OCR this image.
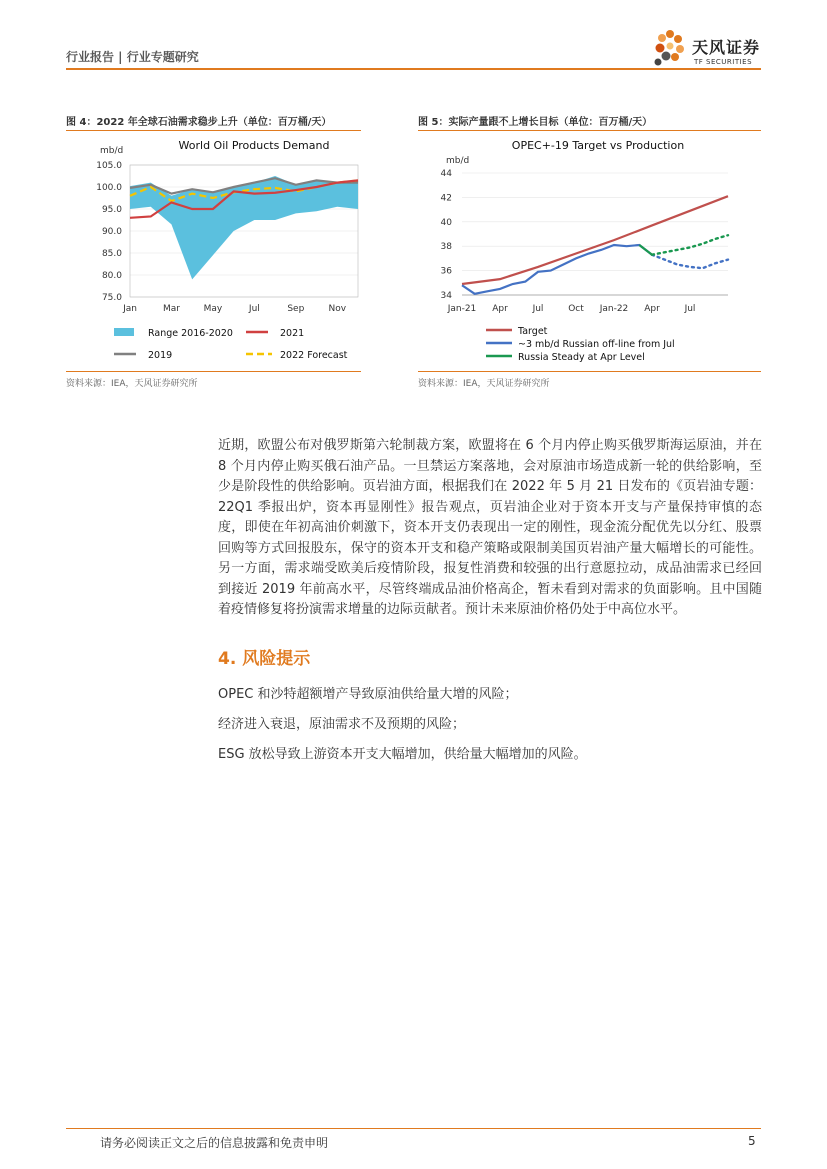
行业报告 | 行业专题研究	天风证券
TF SECURITIES
图 4：2022 年全球石油需求稳步上升（单位：百万桶/天）
World Oil Products Demand
mb/d
105.0
100.0
95.0
90.0
85.0
80.0
75.0
Jan	Mar	May	Jul	Sep	Nov
Range 2016-2020	2021
2019	2022 Forecast
资料来源：IEA，天风证券研究所
图 5：实际产量跟不上增长目标（单位：百万桶/天）
OPEC+-19 Target vs Production
mb/d
44
42
40
38
36
34
Jan-21 Apr	Jul	Oct Jan-22 Apr	Jul
Target
~3 mb/d Russian off-line from Jul
Russia Steady at Apr Level
资料来源：IEA，天风证券研究所
近期，欧盟公布对俄罗斯第六轮制裁方案，欧盟将在 6 个月内停止购买俄罗斯海运原油，并在 8 个月内停止购买俄石油产品。一旦禁运方案落地，会对原油市场造成新一轮的供给影响，至少是阶段性的供给影响。页岩油方面，根据我们在 2022 年 5 月 21 日发布的《页岩油专题：22Q1 季报出炉，资本再显刚性》报告观点，页岩油企业对于资本开支与产量保持审慎的态度，即使在年初高油价刺激下，资本开支仍表现出一定的刚性，现金流分配优先以分红、股票回购等方式回报股东，保守的资本开支和稳产策略或限制美国页岩油产量大幅增长的可能性。另一方面，需求端受欧美后疫情阶段，报复性消费和较强的出行意愿拉动，成品油需求已经回到接近 2019 年前高水平，尽管终端成品油价格高企，暂未看到对需求的负面影响。且中国随着疫情修复将扮演需求增量的边际贡献者。预计未来原油价格仍处于中高位水平。
4. 风险提示
OPEC 和沙特超额增产导致原油供给量大增的风险；
经济进入衰退，原油需求不及预期的风险；
ESG 放松导致上游资本开支大幅增加，供给量大幅增加的风险。
请务必阅读正文之后的信息披露和免责申明	5
